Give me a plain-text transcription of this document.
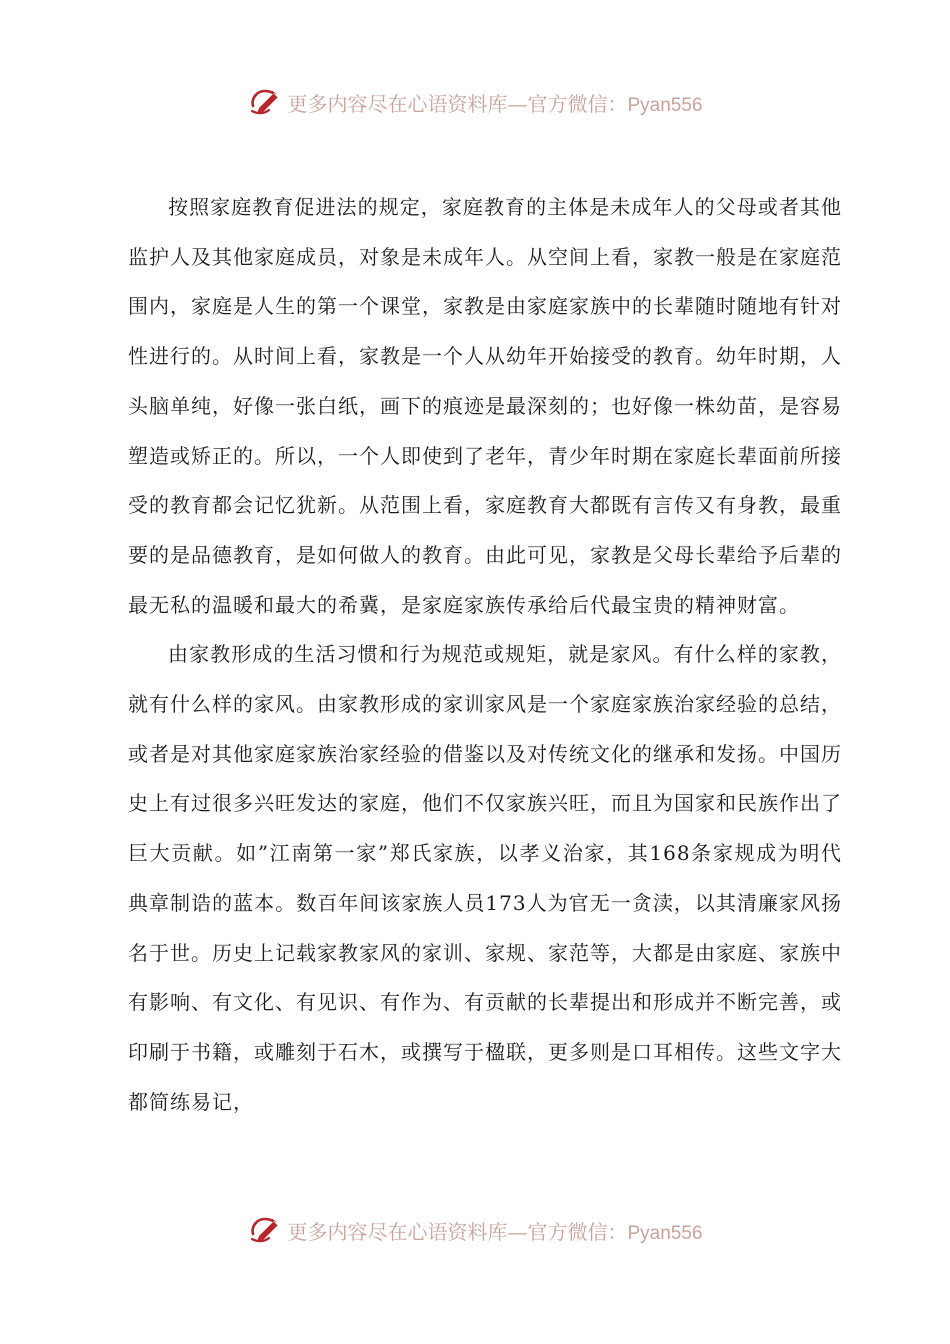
更多内容尽在心语资料库—官方微信：Pyan556

按照家庭教育促进法的规定，家庭教育的主体是未成年人的父母或者其他监护人及其他家庭成员，对象是未成年人。从空间上看，家教一般是在家庭范围内，家庭是人生的第一个课堂，家教是由家庭家族中的长辈随时随地有针对性进行的。从时间上看，家教是一个人从幼年开始接受的教育。幼年时期，人头脑单纯，好像一张白纸，画下的痕迹是最深刻的；也好像一株幼苗，是容易塑造或矫正的。所以，一个人即使到了老年，青少年时期在家庭长辈面前所接受的教育都会记忆犹新。从范围上看，家庭教育大都既有言传又有身教，最重要的是品德教育，是如何做人的教育。由此可见，家教是父母长辈给予后辈的最无私的温暖和最大的希冀，是家庭家族传承给后代最宝贵的精神财富。

由家教形成的生活习惯和行为规范或规矩，就是家风。有什么样的家教，就有什么样的家风。由家教形成的家训家风是一个家庭家族治家经验的总结，或者是对其他家庭家族治家经验的借鉴以及对传统文化的继承和发扬。中国历史上有过很多兴旺发达的家庭，他们不仅家族兴旺，而且为国家和民族作出了巨大贡献。如”江南第一家”郑氏家族，以孝义治家，其168条家规成为明代典章制诰的蓝本。数百年间该家族人员173人为官无一贪渎，以其清廉家风扬名于世。历史上记载家教家风的家训、家规、家范等，大都是由家庭、家族中有影响、有文化、有见识、有作为、有贡献的长辈提出和形成并不断完善，或印刷于书籍，或雕刻于石木，或撰写于楹联，更多则是口耳相传。这些文字大都简练易记，

更多内容尽在心语资料库—官方微信：Pyan556
